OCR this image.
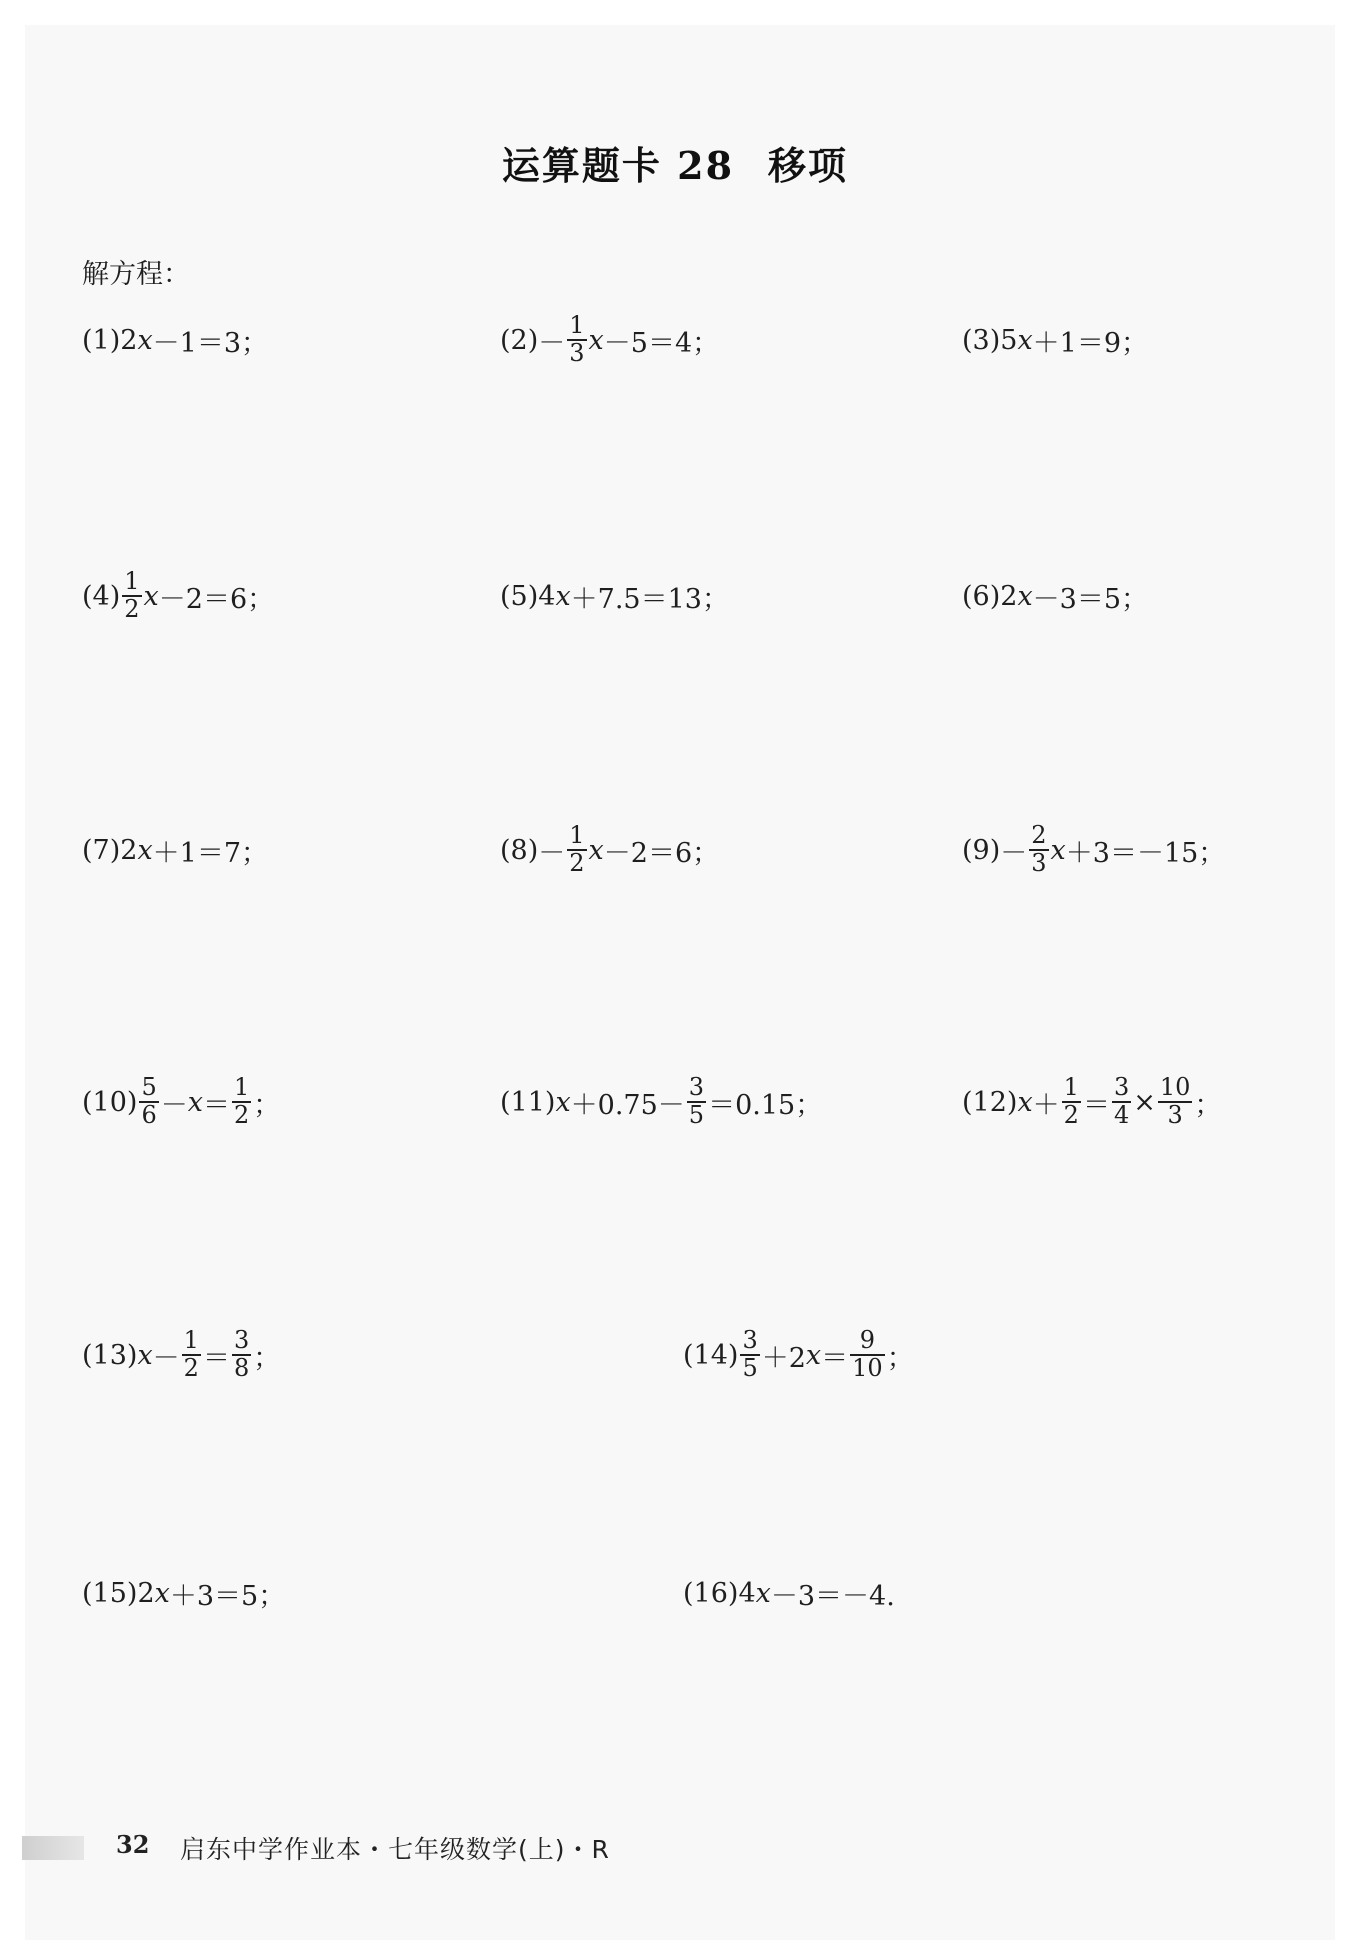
运算题卡 28 移项
解方程：
(1) 2 x －1＝3；	$(2) - \frac{1}{3}$ x －5＝4；	(3) 5 x ＋1＝9；
$(4) \frac{1}{2}$ x －2＝6；	(5) 4 x ＋7.5＝13；	(6) 2 x －3＝5；
(7) 2 x ＋1＝7；	$(8) - \frac{1}{2}$ x －2＝6；	$(9) - \frac{2}{3}$ x ＋3＝－15；
$(10) \frac{5}{6} - x = \frac{1}{2}$ ；	(11) $x +0.75- \frac{3}{5} =0.15$；	(12) $x + \frac{1}{2} = \frac{3}{4} \times \frac{10}{3}$ ；
(13) $x - \frac{1}{2} = \frac{3}{8}$ ；	$(14) \frac{3}{5} +2$ $x = \frac{9}{10}$ ；
(15) 2 x ＋3＝5；	(16) 4 x －3＝－4.
32 启东中学作业本・七年级数学(上)・R
